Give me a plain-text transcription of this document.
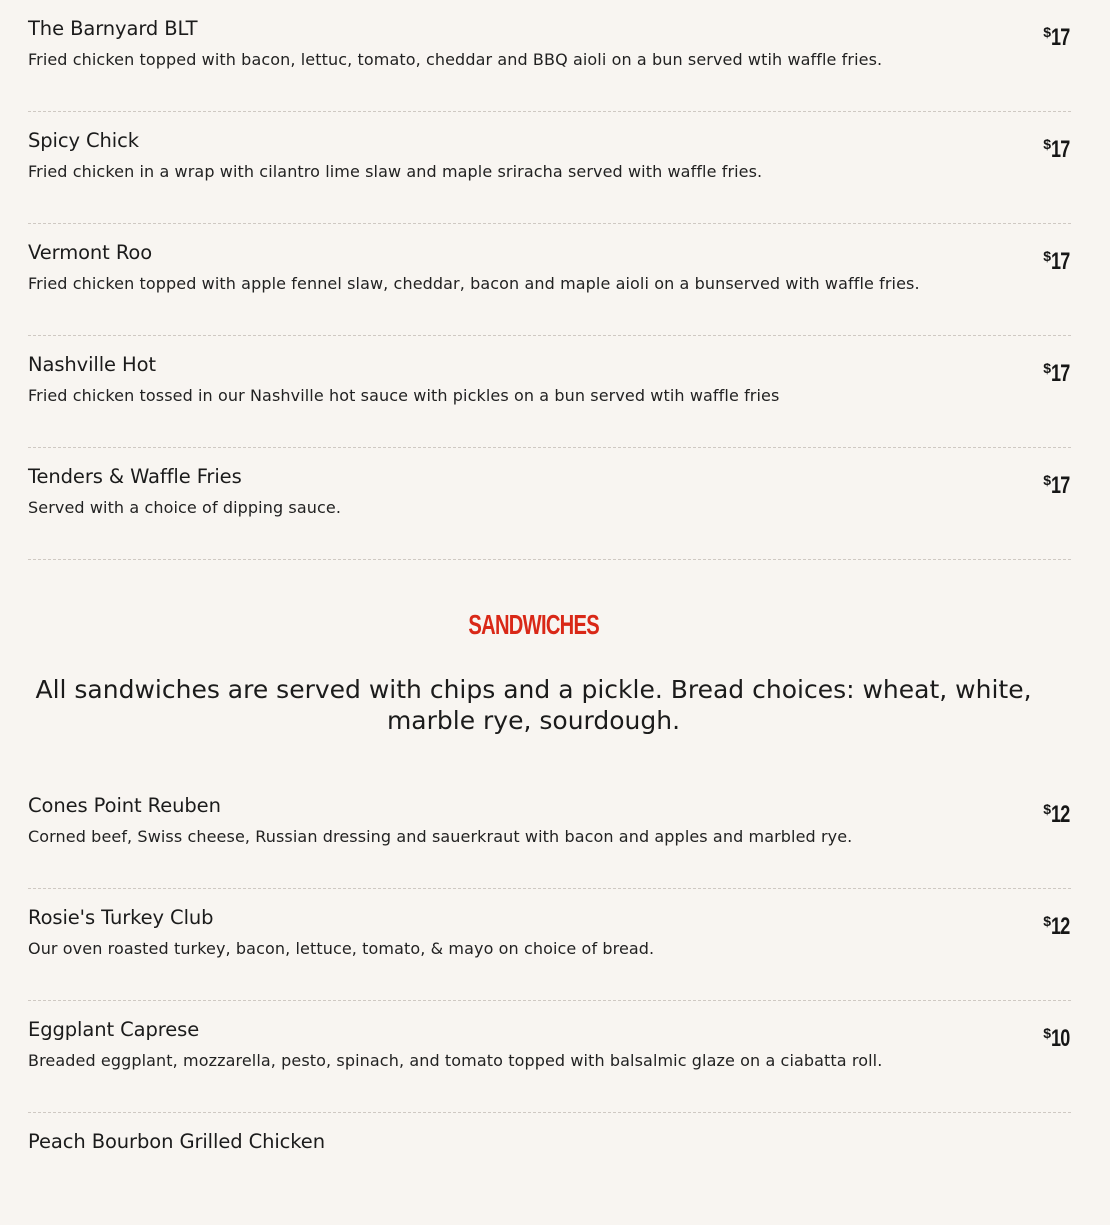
The Barnyard BLT
Fried chicken topped with bacon, lettuc, tomato, cheddar and BBQ aioli on a bun served wtih waffle fries.
$17
Spicy Chick
Fried chicken in a wrap with cilantro lime slaw and maple sriracha served with waffle fries.
$17
Vermont Roo
Fried chicken topped with apple fennel slaw, cheddar, bacon and maple aioli on a bunserved with waffle fries.
$17
Nashville Hot
Fried chicken tossed in our Nashville hot sauce with pickles on a bun served wtih waffle fries
$17
Tenders & Waffle Fries
Served with a choice of dipping sauce.
$17
SANDWICHES
All sandwiches are served with chips and a pickle. Bread choices: wheat, white, marble rye, sourdough.
Cones Point Reuben
Corned beef, Swiss cheese, Russian dressing and sauerkraut with bacon and apples and marbled rye.
$12
Rosie's Turkey Club
Our oven roasted turkey, bacon, lettuce, tomato, & mayo on choice of bread.
$12
Eggplant Caprese
Breaded eggplant, mozzarella, pesto, spinach, and tomato topped with balsalmic glaze on a ciabatta roll.
$10
Peach Bourbon Grilled Chicken
